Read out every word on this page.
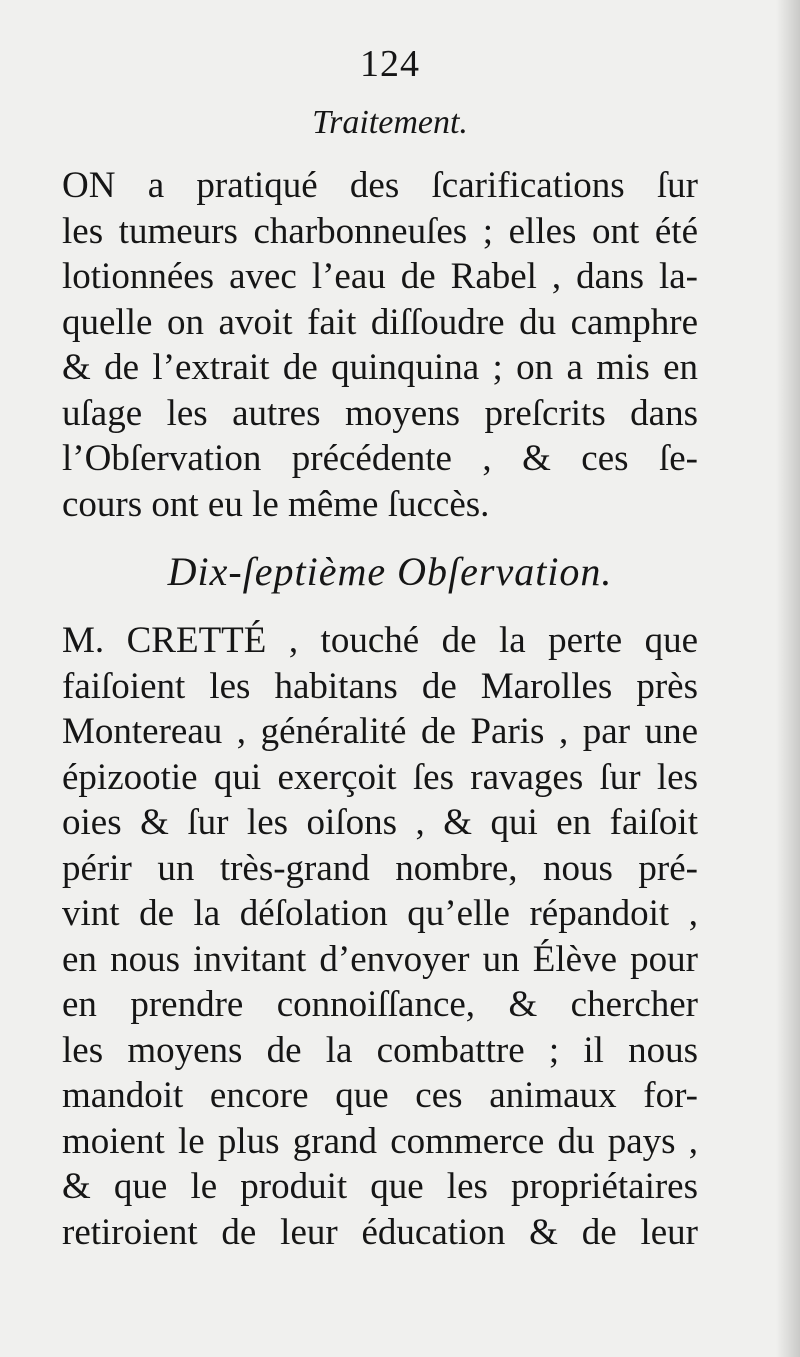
124
Traitement.
ON a pratiqué des ſcarifications ſur
les tumeurs charbonneuſes ; elles ont été
lotionnées avec l’eau de Rabel , dans la-
quelle on avoit fait diſſoudre du camphre
& de l’extrait de quinquina ; on a mis en
uſage les autres moyens preſcrits dans
l’Obſervation précédente , & ces ſe-
cours ont eu le même ſuccès.
Dix-ſeptième Obſervation.
M. CRETTÉ , touché de la perte que
faiſoient les habitans de Marolles près
Montereau , généralité de Paris , par une
épizootie qui exerçoit ſes ravages ſur les
oies & ſur les oiſons , & qui en faiſoit
périr un très-grand nombre, nous pré-
vint de la déſolation qu’elle répandoit ,
en nous invitant d’envoyer un Élève pour
en prendre connoiſſance, & chercher
les moyens de la combattre ; il nous
mandoit encore que ces animaux for-
moient le plus grand commerce du pays ,
& que le produit que les propriétaires
retiroient de leur éducation & de leur
